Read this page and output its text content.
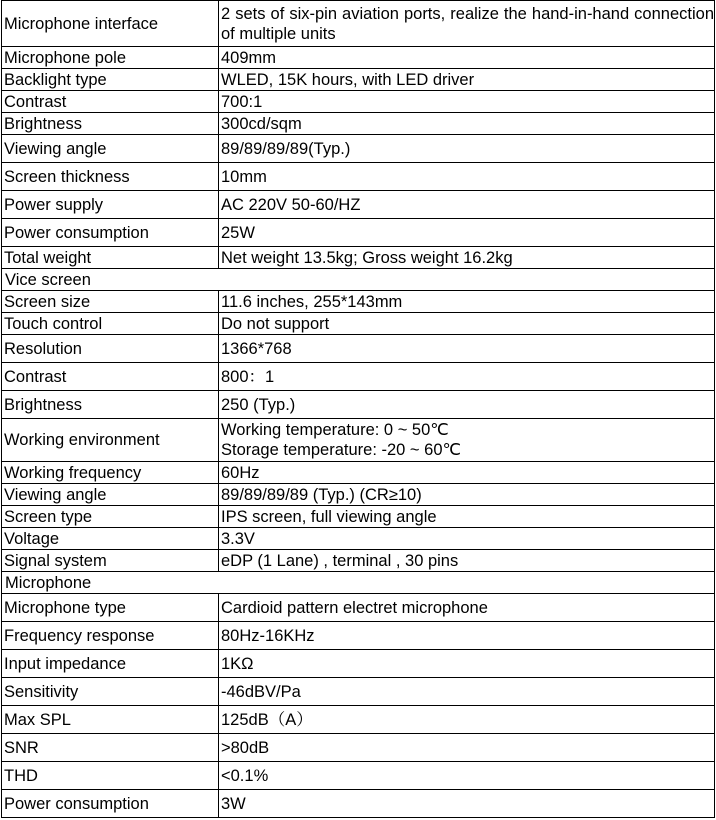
Microphone interface	2 sets of six-pin aviation ports, realize the hand-in-hand connection of multiple units
Microphone pole	409mm
Backlight type	WLED, 15K hours, with LED driver
Contrast	700:1
Brightness	300cd/sqm
Viewing angle	89/89/89/89(Typ.)
Screen thickness	10mm
Power supply	AC 220V 50-60/HZ
Power consumption	25W
Total weight	Net weight 13.5kg; Gross weight 16.2kg
Vice screen	
Screen size	11.6 inches, 255*143mm
Touch control	Do not support
Resolution	1366*768
Contrast	800：1
Brightness	250 (Typ.)
Working environment	Working temperature: 0 ~ 50℃
Storage temperature: -20 ~ 60℃

Working frequency	60Hz
Viewing angle	89/89/89/89 (Typ.) (CR≥10)
Screen type	IPS screen, full viewing angle
Voltage	3.3V
Signal system	eDP (1 Lane) , terminal , 30 pins
Microphone	
Microphone type	Cardioid pattern electret microphone
Frequency response	80Hz-16KHz
Input impedance	1KΩ
Sensitivity	-46dBV/Pa
Max SPL	125dB（A）
SNR	>80dB
THD	<0.1%
Power consumption	3W
